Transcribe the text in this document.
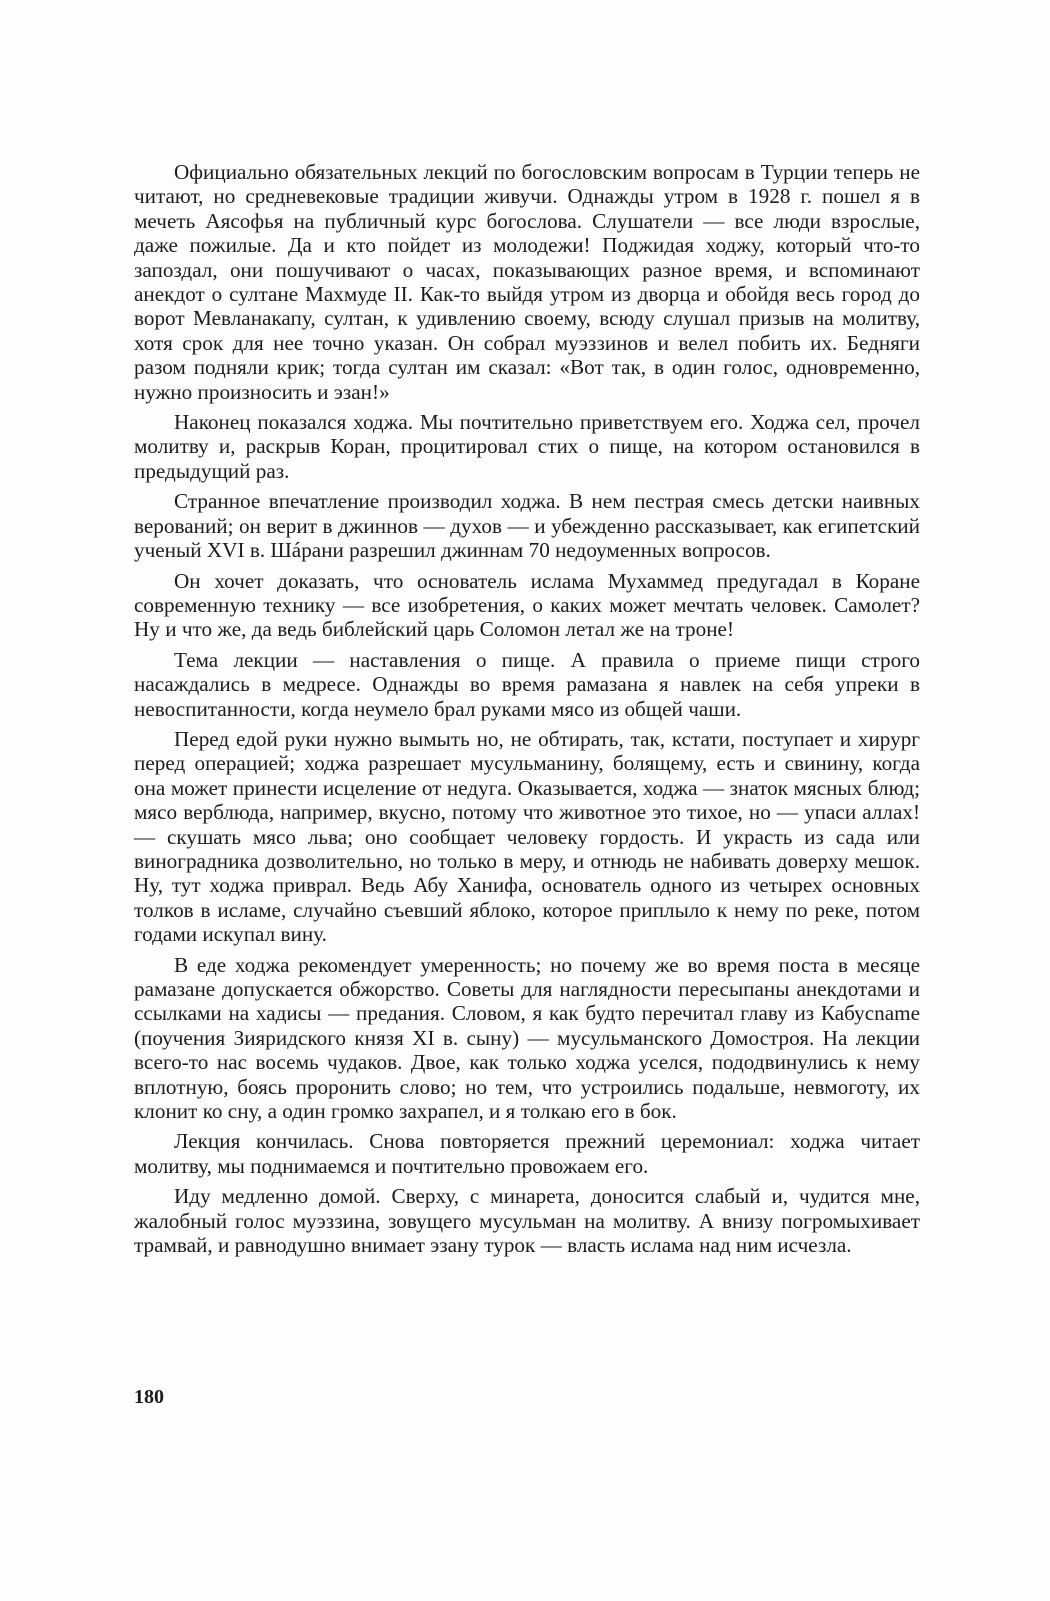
Официально обязательных лекций по богословским вопросам в Турции теперь не читают, но средневековые традиции живучи. Однажды утром в 1928 г. пошел я в мечеть Аясофья на публичный курс богослова. Слушатели — все люди взрослые, даже пожилые. Да и кто пойдет из молодежи! Поджидая ходжу, который что-то запоздал, они пошучивают о часах, показывающих разное время, и вспоминают анекдот о султане Махмуде II. Как-то выйдя утром из дворца и обойдя весь город до ворот Мевланакапу, султан, к удивлению своему, всюду слушал призыв на молитву, хотя срок для нее точно указан. Он собрал муэззинов и велел побить их. Бедняги разом подняли крик; тогда султан им сказал: «Вот так, в один голос, одновременно, нужно произносить и эзан!»

Наконец показался ходжа. Мы почтительно приветствуем его. Ходжа сел, прочел молитву и, раскрыв Коран, процитировал стих о пище, на котором остановился в предыдущий раз.

Странное впечатление производил ходжа. В нем пестрая смесь детски наивных верований; он верит в джиннов — духов — и убежденно рассказывает, как египетский ученый XVI в. Шáрани разрешил джиннам 70 недоуменных вопросов.

Он хочет доказать, что основатель ислама Мухаммед предугадал в Коране современную технику — все изобретения, о каких может мечтать человек. Самолет? Ну и что же, да ведь библейский царь Соломон летал же на троне!

Тема лекции — наставления о пище. А правила о приеме пищи строго насаждались в медресе. Однажды во время рамазана я навлек на себя упреки в невоспитанности, когда неумело брал руками мясо из общей чаши.

Перед едой руки нужно вымыть но, не обтирать, так, кстати, поступает и хирург перед операцией; ходжа разрешает мусульманину, болящему, есть и свинину, когда она может принести исцеление от недуга. Оказывается, ходжа — знаток мясных блюд; мясо верблюда, например, вкусно, потому что животное это тихое, но — упаси аллах! — скушать мясо льва; оно сообщает человеку гордость. И украсть из сада или виноградника дозволительно, но только в меру, и отнюдь не набивать доверху мешок. Ну, тут ходжа приврал. Ведь Абу Ханифа, основатель одного из четырех основных толков в исламе, случайно съевший яблоко, которое приплыло к нему по реке, потом годами искупал вину.

В еде ходжа рекомендует умеренность; но почему же во время поста в месяце рамазане допускается обжорство. Советы для наглядности пересыпаны анекдотами и ссылками на хадисы — предания. Словом, я как будто перечитал главу из Кабусname (поучения Зияридского князя XI в. сыну) — мусульманского Домостроя. На лекции всего-то нас восемь чудаков. Двое, как только ходжа уселся, пододвинулись к нему вплотную, боясь проронить слово; но тем, что устроились подальше, невмоготу, их клонит ко сну, а один громко захрапел, и я толкаю его в бок.

Лекция кончилась. Снова повторяется прежний церемониал: ходжа читает молитву, мы поднимаемся и почтительно провожаем его.

Иду медленно домой. Сверху, с минарета, доносится слабый и, чудится мне, жалобный голос муэззина, зовущего мусульман на молитву. А внизу погромыхивает трамвай, и равнодушно внимает эзану турок — власть ислама над ним исчезла.

180
